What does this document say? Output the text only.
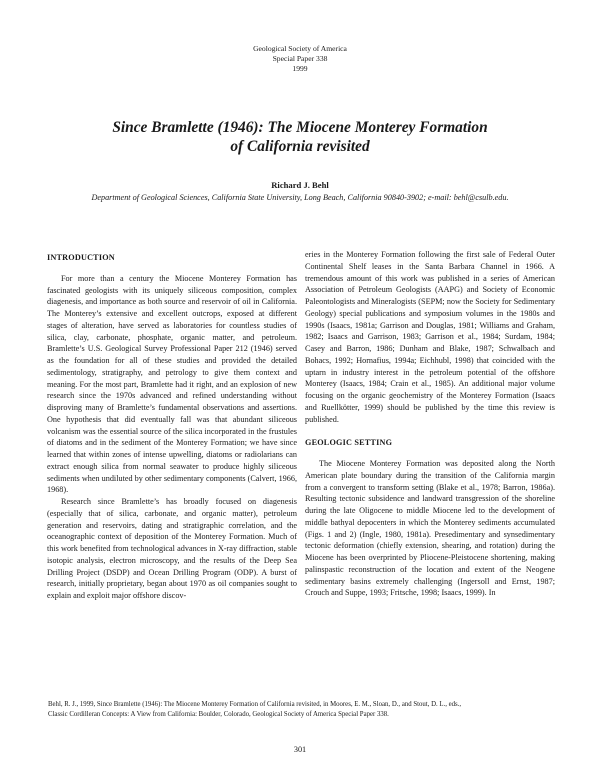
Geological Society of America
Special Paper 338
1999
Since Bramlette (1946): The Miocene Monterey Formation
of California revisited
Richard J. Behl
Department of Geological Sciences, California State University, Long Beach, California 90840-3902; e-mail: behl@csulb.edu.
INTRODUCTION

For more than a century the Miocene Monterey Formation has fascinated geologists with its uniquely siliceous composition, complex diagenesis, and importance as both source and reservoir of oil in California. The Monterey’s extensive and excellent outcrops, exposed at different stages of alteration, have served as laboratories for countless studies of silica, clay, carbonate, phosphate, organic matter, and petroleum. Bramlette’s U.S. Geological Survey Professional Paper 212 (1946) served as the foundation for all of these studies and provided the detailed sedimentology, stratigraphy, and petrology to give them context and meaning. For the most part, Bramlette had it right, and an explosion of new research since the 1970s advanced and refined understanding without disproving many of Bramlette’s fundamental observations and assertions. One hypothesis that did eventually fall was that abundant siliceous volcanism was the essential source of the silica incorporated in the frustules of diatoms and in the sediment of the Monterey Formation; we have since learned that within zones of intense upwelling, diatoms or radiolarians can extract enough silica from normal seawater to produce highly siliceous sediments when undiluted by other sedimentary components (Calvert, 1966, 1968).

Research since Bramlette’s has broadly focused on diagenesis (especially that of silica, carbonate, and organic matter), petroleum generation and reservoirs, dating and stratigraphic correlation, and the oceanographic context of deposition of the Monterey Formation. Much of this work benefited from technological advances in X-ray diffraction, stable isotopic analysis, electron microscopy, and the results of the Deep Sea Drilling Project (DSDP) and Ocean Drilling Program (ODP). A burst of research, initially proprietary, began about 1970 as oil companies sought to explain and exploit major offshore discov-

eries in the Monterey Formation following the first sale of Federal Outer Continental Shelf leases in the Santa Barbara Channel in 1966. A tremendous amount of this work was published in a series of American Association of Petroleum Geologists (AAPG) and Society of Economic Paleontologists and Mineralogists (SEPM; now the Society for Sedimentary Geology) special publications and symposium volumes in the 1980s and 1990s (Isaacs, 1981a; Garrison and Douglas, 1981; Williams and Graham, 1982; Isaacs and Garrison, 1983; Garrison et al., 1984; Surdam, 1984; Casey and Barron, 1986; Dunham and Blake, 1987; Schwalbach and Bohacs, 1992; Hornafius, 1994a; Eichhubl, 1998) that coincided with the uptarn in industry interest in the petroleum potential of the offshore Monterey (Isaacs, 1984; Crain et al., 1985). An additional major volume focusing on the organic geochemistry of the Monterey Formation (Isaacs and Ruellkötter, 1999) should be published by the time this review is published.

GEOLOGIC SETTING

The Miocene Monterey Formation was deposited along the North American plate boundary during the transition of the California margin from a convergent to transform setting (Blake et al., 1978; Barron, 1986a). Resulting tectonic subsidence and landward transgression of the shoreline during the late Oligocene to middle Miocene led to the development of middle bathyal depocenters in which the Monterey sediments accumulated (Figs. 1 and 2) (Ingle, 1980, 1981a). Presedimentary and synsedimentary tectonic deformation (chiefly extension, shearing, and rotation) during the Miocene has been overprinted by Pliocene-Pleistocene shortening, making palinspastic reconstruction of the location and extent of the Neogene sedimentary basins extremely challenging (Ingersoll and Ernst, 1987; Crouch and Suppe, 1993; Fritsche, 1998; Isaacs, 1999). In

Behl, R. J., 1999, Since Bramlette (1946): The Miocene Monterey Formation of California revisited, in Moores, E. M., Sloan, D., and Stout, D. L., eds.,
Classic Cordilleran Concepts: A View from California: Boulder, Colorado, Geological Society of America Special Paper 338.
301
